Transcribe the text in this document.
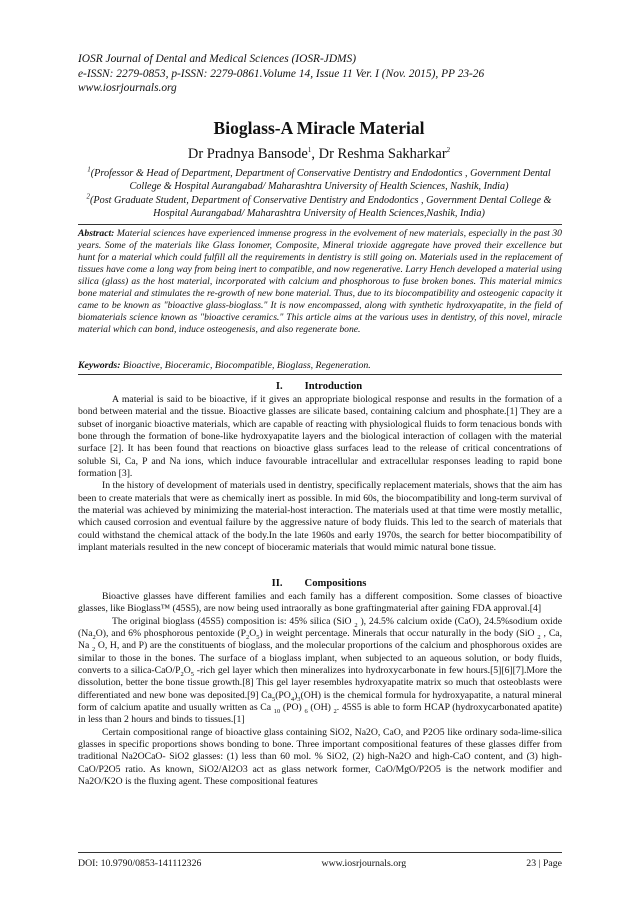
IOSR Journal of Dental and Medical Sciences (IOSR-JDMS)
e-ISSN: 2279-0853, p-ISSN: 2279-0861.Volume 14, Issue 11 Ver. I (Nov. 2015), PP 23-26
www.iosrjournals.org
Bioglass-A Miracle Material
Dr Pradnya Bansode$^1$, Dr Reshma Sakharkar$^2$
$^1$(Professor & Head of Department, Department of Conservative Dentistry and Endodontics , Government Dental College & Hospital Aurangabad/ Maharashtra University of Health Sciences, Nashik, India)
$^2$(Post Graduate Student, Department of Conservative Dentistry and Endodontics , Government Dental College & Hospital Aurangabad/ Maharashtra University of Health Sciences,Nashik, India)
Abstract: Material sciences have experienced immense progress in the evolvement of new materials, especially in the past 30 years. Some of the materials like Glass Ionomer, Composite, Mineral trioxide aggregate have proved their excellence but hunt for a material which could fulfill all the requirements in dentistry is still going on. Materials used in the replacement of tissues have come a long way from being inert to compatible, and now regenerative. Larry Hench developed a material using silica (glass) as the host material, incorporated with calcium and phosphorous to fuse broken bones. This material mimics bone material and stimulates the re-growth of new bone material. Thus, due to its biocompatibility and osteogenic capacity it came to be known as "bioactive glass-bioglass." It is now encompassed, along with synthetic hydroxyapatite, in the field of biomaterials science known as "bioactive ceramics." This article aims at the various uses in dentistry, of this novel, miracle material which can bond, induce osteogenesis, and also regenerate bone.
Keywords: Bioactive, Bioceramic, Biocompatible, Bioglass, Regeneration.
I. Introduction

A material is said to be bioactive, if it gives an appropriate biological response and results in the formation of a bond between material and the tissue. Bioactive glasses are silicate based, containing calcium and phosphate.[1] They are a subset of inorganic bioactive materials, which are capable of reacting with physiological fluids to form tenacious bonds with bone through the formation of bone-like hydroxyapatite layers and the biological interaction of collagen with the material surface [2]. It has been found that reactions on bioactive glass surfaces lead to the release of critical concentrations of soluble Si, Ca, P and Na ions, which induce favourable intracellular and extracellular responses leading to rapid bone formation [3].

In the history of development of materials used in dentistry, specifically replacement materials, shows that the aim has been to create materials that were as chemically inert as possible. In mid 60s, the biocompatibility and long-term survival of the material was achieved by minimizing the material-host interaction. The materials used at that time were mostly metallic, which caused corrosion and eventual failure by the aggressive nature of body fluids. This led to the search of materials that could withstand the chemical attack of the body.In the late 1960s and early 1970s, the search for better biocompatibility of implant materials resulted in the new concept of bioceramic materials that would mimic natural bone tissue.

II. Compositions

Bioactive glasses have different families and each family has a different composition. Some classes of bioactive glasses, like Bioglass™ (45S5), are now being used intraorally as bone graftingmaterial after gaining FDA approval.[4]

The original bioglass (45S5) composition is: 45% silica (SiO $_2$ ), 24.5% calcium oxide (CaO), 24.5%sodium oxide $(Na_2O)$, and 6% phosphorous pentoxide $(P_2O_5)$ in weight percentage. Minerals that occur naturally in the body (SiO $_2$ , Ca, Na $_2$ O, H, and P) are the constituents of bioglass, and the molecular proportions of the calcium and phosphorous oxides are similar to those in the bones. The surface of a bioglass implant, when subjected to an aqueous solution, or body fluids, converts to a silica-$CaO/P_2O_5$ -rich gel layer which then mineralizes into hydroxycarbonate in few hours.[5][6][7].More the dissolution, better the bone tissue growth.[8] This gel layer resembles hydroxyapatite matrix so much that osteoblasts were differentiated and new bone was deposited.[9] $Ca_5(PO_4)_3(OH)$ is the chemical formula for hydroxyapatite, a natural mineral form of calcium apatite and usually written as Ca $_{10}$ (PO) $_6$ (OH) $_2$. 45S5 is able to form HCAP (hydroxycarbonated apatite) in less than 2 hours and binds to tissues.[1]

Certain compositional range of bioactive glass containing SiO2, Na2O, CaO, and P2O5 like ordinary soda-lime-silica glasses in specific proportions shows bonding to bone. Three important compositional features of these glasses differ from traditional Na2OCaO- SiO2 glasses: (1) less than 60 mol. % SiO2, (2) high-Na2O and high-CaO content, and (3) high-CaO/P2O5 ratio. As known, SiO2/Al2O3 act as glass network former, CaO/MgO/P2O5 is the network modifier and Na2O/K2O is the fluxing agent. These compositional features

DOI: 10.9790/0853-141112326	www.iosrjournals.org	23 | Page
